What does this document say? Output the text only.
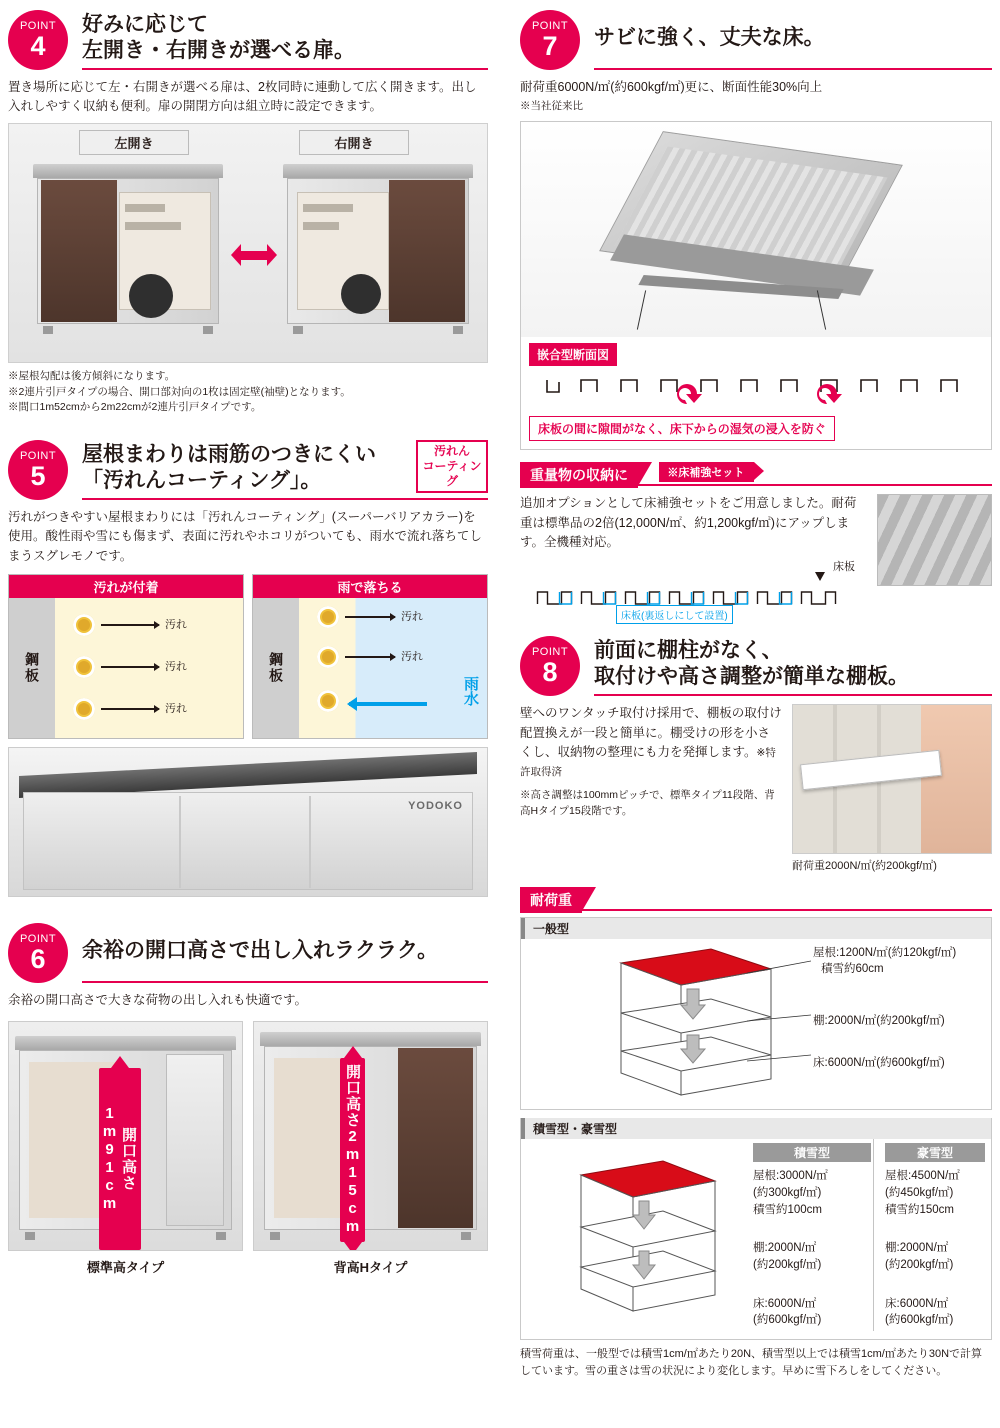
POINT
4
好みに応じて
左開き・右開きが選べる扉。

置き場所に応じて左・右開きが選べる扉は、2枚同時に連動して広く開きます。出し入れしやすく収納も便利。扉の開閉方向は組立時に設定できます。

左開き	右開き
※屋根勾配は後方傾斜になります。
※2連片引戸タイプの場合、開口部対向の1枚は固定壁(袖壁)となります。
※間口1m52cmから2m22cmが2連片引戸タイプです。
POINT
5
屋根まわりは雨筋のつきにくい
「汚れんコーティング」。
汚れん
コーティング

汚れがつきやすい屋根まわりには「汚れんコーティング」(スーパーバリアカラー)を使用。酸性雨や雪にも傷まず、表面に汚れやホコリがついても、雨水で流れ落ちてしまうスグレモノです。

汚れが付着
鋼板
汚れ
汚れ
汚れ
雨で落ちる
鋼板
汚れ
汚れ
雨水
YODOKO
POINT
6 余裕の開口高さで出し入れラクラク。

余裕の開口高さで大きな荷物の出し入れも快適です。

開口高さ1m91cm
標準高タイプ
開口高さ2m15cm
背高Hタイプ
POINT
7 サビに強く、丈夫な床。

耐荷重6000N/㎡(約600kgf/㎡)更に、断面性能30%向上

※当社従来比
嵌合型断面図
床板の間に隙間がなく、床下からの湿気の浸入を防ぐ
重量物の収納に	※床補強セット

追加オプションとして床補強セットをご用意しました。耐荷重は標準品の2倍(12,000N/㎡、約1,200kgf/㎡)にアップします。全機種対応。

床板
床板(裏返しにして設置)
POINT
8
前面に棚柱がなく、
取付けや高さ調整が簡単な棚板。

壁へのワンタッチ取付け採用で、棚板の取付け配置換えが一段と簡単に。棚受けの形を小さくし、収納物の整理にも力を発揮します。※特許取得済

※高さ調整は100mmピッチで、標準タイプ11段階、背高Hタイプ15段階です。
耐荷重2000N/㎡(約200kgf/㎡)
耐荷重
一般型
屋根:1200N/㎡(約120kgf/㎡)
積雪約60cm
棚:2000N/㎡(約200kgf/㎡)
床:6000N/㎡(約600kgf/㎡)
積雪型・豪雪型
積雪型
屋根:3000N/㎡
(約300kgf/㎡)
積雪約100cm
棚:2000N/㎡
(約200kgf/㎡)
床:6000N/㎡
(約600kgf/㎡)
豪雪型
屋根:4500N/㎡
(約450kgf/㎡)
積雪約150cm
棚:2000N/㎡
(約200kgf/㎡)
床:6000N/㎡
(約600kgf/㎡)
積雪荷重は、一般型では積雪1cm/㎡あたり20N、積雪型以上では積雪1cm/㎡あたり30Nで計算しています。雪の重さは雪の状況により変化します。早めに雪下ろしをしてください。
